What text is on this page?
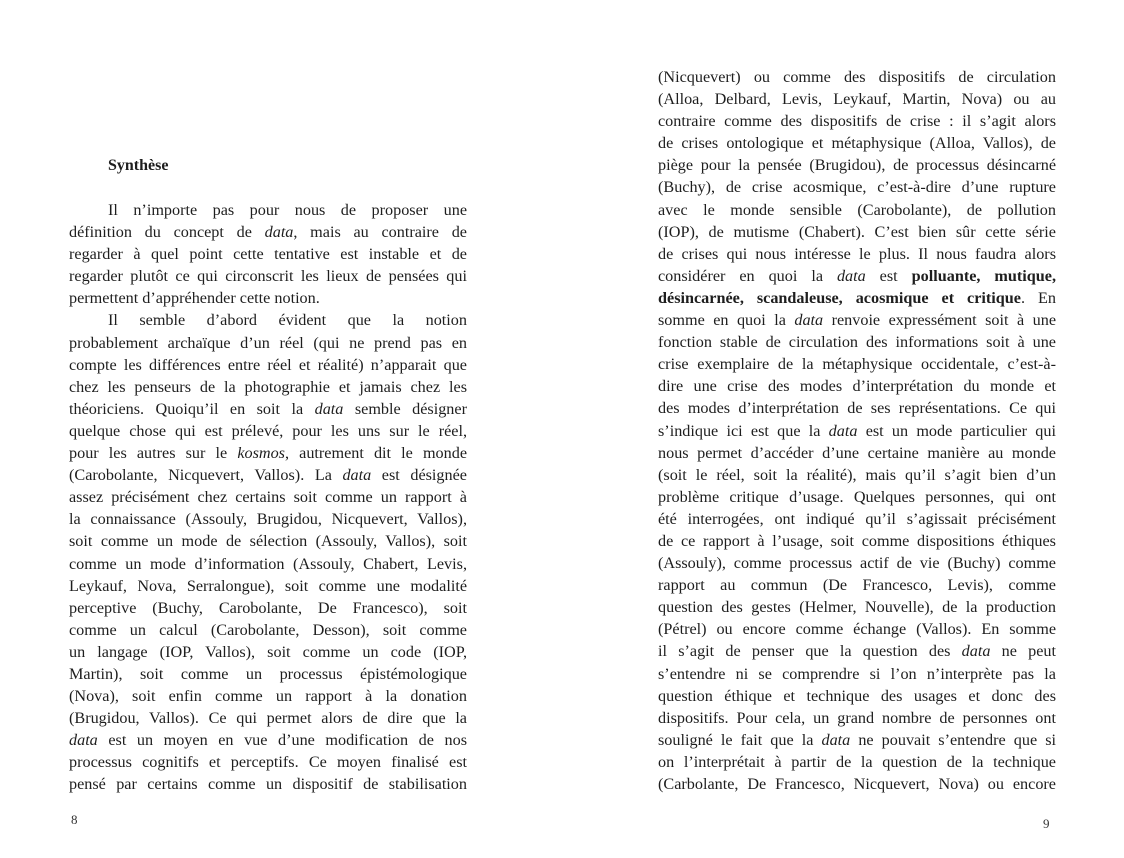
Synthèse
Il n’importe pas pour nous de proposer une
définition du concept de data, mais au contraire de
regarder à quel point cette tentative est instable et de
regarder plutôt ce qui circonscrit les lieux de pensées qui
permettent d’appréhender cette notion.
Il semble d’abord évident que la notion
probablement archaïque d’un réel (qui ne prend pas en
compte les différences entre réel et réalité) n’apparait que
chez les penseurs de la photographie et jamais chez les
théoriciens. Quoiqu’il en soit la data semble désigner
quelque chose qui est prélevé, pour les uns sur le réel,
pour les autres sur le kosmos, autrement dit le monde
(Carobolante, Nicquevert, Vallos). La data est désignée
assez précisément chez certains soit comme un rapport à
la connaissance (Assouly, Brugidou, Nicquevert, Vallos),
soit comme un mode de sélection (Assouly, Vallos), soit
comme un mode d’information (Assouly, Chabert, Levis,
Leykauf, Nova, Serralongue), soit comme une modalité
perceptive (Buchy, Carobolante, De Francesco), soit
comme un calcul (Carobolante, Desson), soit comme
un langage (IOP, Vallos), soit comme un code (IOP,
Martin), soit comme un processus épistémologique
(Nova), soit enfin comme un rapport à la donation
(Brugidou, Vallos). Ce qui permet alors de dire que la
data est un moyen en vue d’une modification de nos
processus cognitifs et perceptifs. Ce moyen finalisé est
pensé par certains comme un dispositif de stabilisation
8
(Nicquevert) ou comme des dispositifs de circulation
(Alloa, Delbard, Levis, Leykauf, Martin, Nova) ou au
contraire comme des dispositifs de crise : il s’agit alors
de crises ontologique et métaphysique (Alloa, Vallos), de
piège pour la pensée (Brugidou), de processus désincarné
(Buchy), de crise acosmique, c’est-à-dire d’une rupture
avec le monde sensible (Carobolante), de pollution
(IOP), de mutisme (Chabert). C’est bien sûr cette série
de crises qui nous intéresse le plus. Il nous faudra alors
considérer en quoi la data est polluante, mutique,
désincarnée, scandaleuse, acosmique et critique. En
somme en quoi la data renvoie expressément soit à une
fonction stable de circulation des informations soit à une
crise exemplaire de la métaphysique occidentale, c’est-à-
dire une crise des modes d’interprétation du monde et
des modes d’interprétation de ses représentations. Ce qui
s’indique ici est que la data est un mode particulier qui
nous permet d’accéder d’une certaine manière au monde
(soit le réel, soit la réalité), mais qu’il s’agit bien d’un
problème critique d’usage. Quelques personnes, qui ont
été interrogées, ont indiqué qu’il s’agissait précisément
de ce rapport à l’usage, soit comme dispositions éthiques
(Assouly), comme processus actif de vie (Buchy) comme
rapport au commun (De Francesco, Levis), comme
question des gestes (Helmer, Nouvelle), de la production
(Pétrel) ou encore comme échange (Vallos). En somme
il s’agit de penser que la question des data ne peut
s’entendre ni se comprendre si l’on n’interprète pas la
question éthique et technique des usages et donc des
dispositifs. Pour cela, un grand nombre de personnes ont
souligné le fait que la data ne pouvait s’entendre que si
on l’interprétait à partir de la question de la technique
(Carbolante, De Francesco, Nicquevert, Nova) ou encore
9
